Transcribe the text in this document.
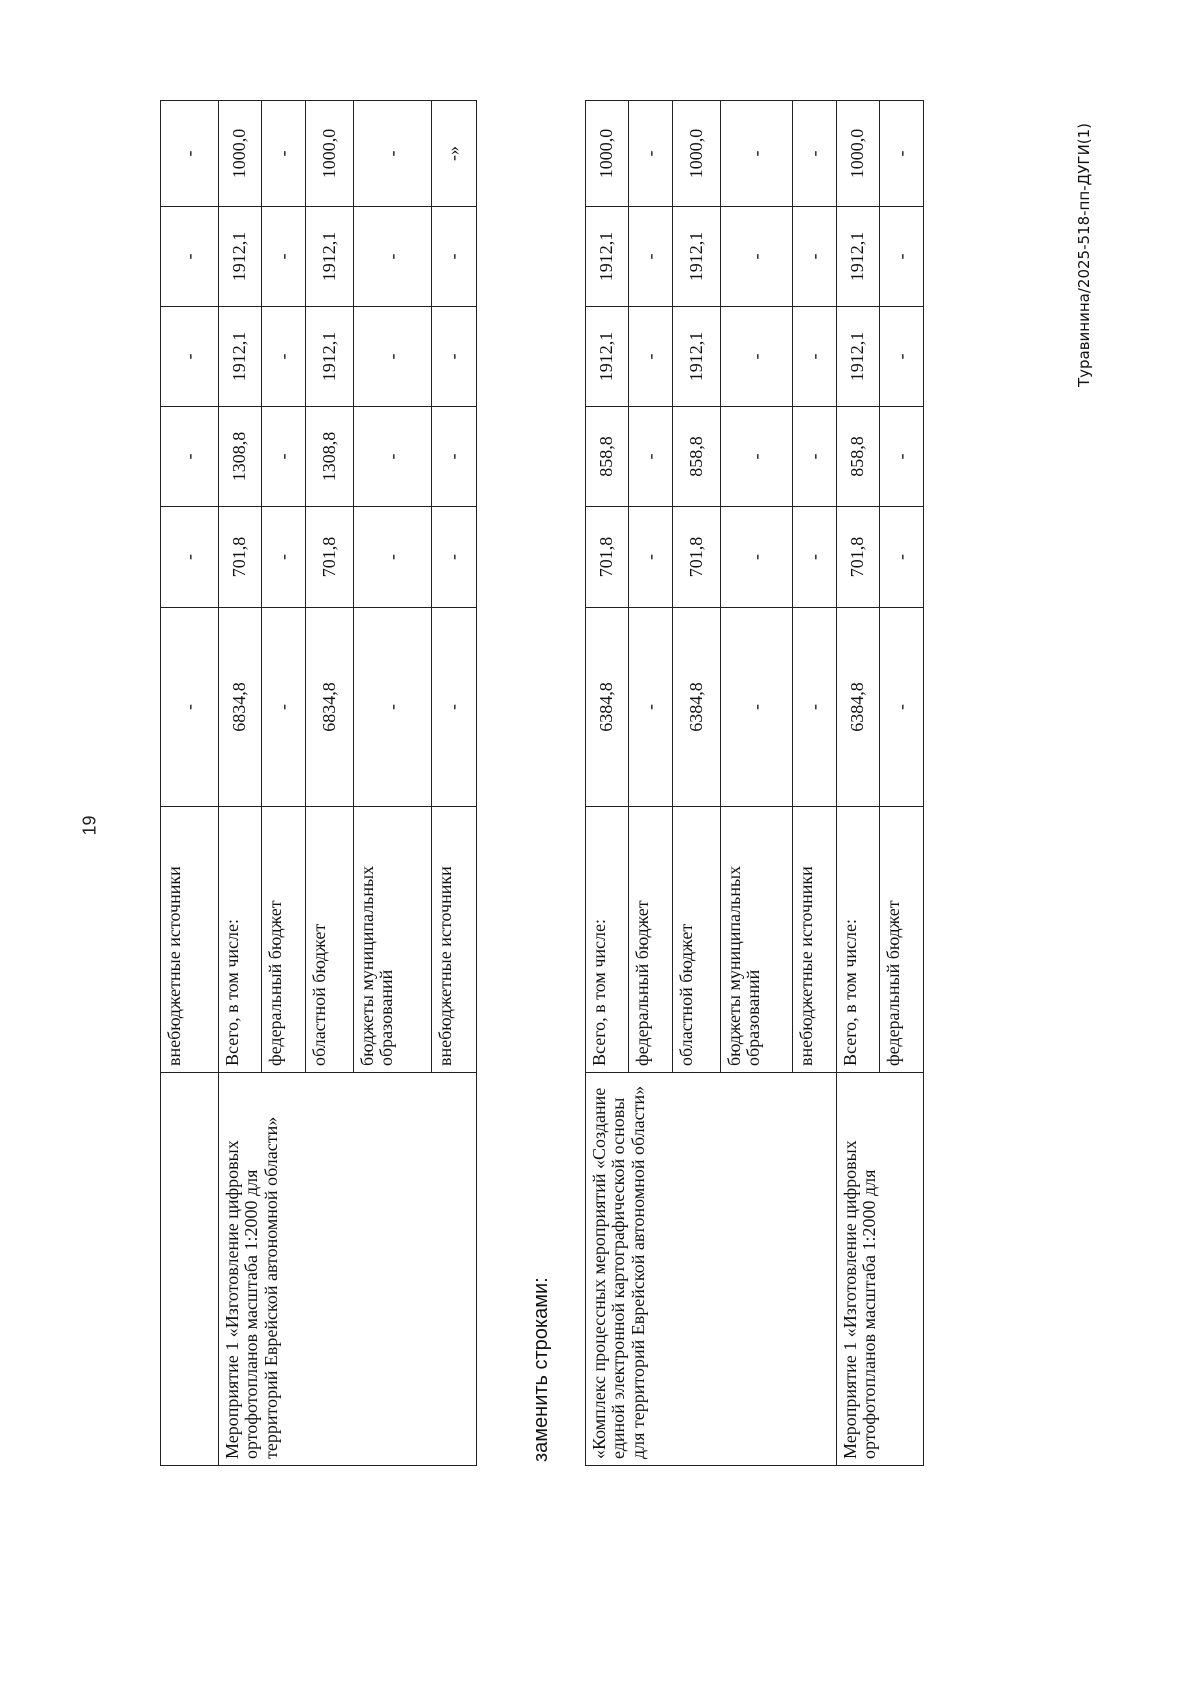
19
Туравинина/2025-518-пп-ДУГИ(1)
	внебюджетные источники	-	-	-	-	-	-
Мероприятие 1 «Изготовление цифровых ортофотопланов масштаба 1:2000 для территорий Еврейской автономной области»	Всего, в том числе:	6834,8	701,8	1308,8	1912,1	1912,1	1000,0
	федеральный бюджет	-	-	-	-	-	-
	областной бюджет	6834,8	701,8	1308,8	1912,1	1912,1	1000,0
	бюджеты муниципальных образований	-	-	-	-	-	-
	внебюджетные источники	-	-	-	-	-	-»
заменить строками: «Комплекс процессных мероприятий «Создание единой электронной картографической основы для территорий Еврейской автономной области»	Всего, в том числе:	6384,8	701,8	858,8	1912,1	1912,1	1000,0
	федеральный бюджет	-	-	-	-	-	-
	областной бюджет	6384,8	701,8	858,8	1912,1	1912,1	1000,0
	бюджеты муниципальных образований	-	-	-	-	-	-
	внебюджетные источники	-	-	-	-	-	-
Мероприятие 1 «Изготовление цифровых ортофотопланов масштаба 1:2000 для	Всего, в том числе:	6384,8	701,8	858,8	1912,1	1912,1	1000,0
	федеральный бюджет	-	-	-	-	-	-
